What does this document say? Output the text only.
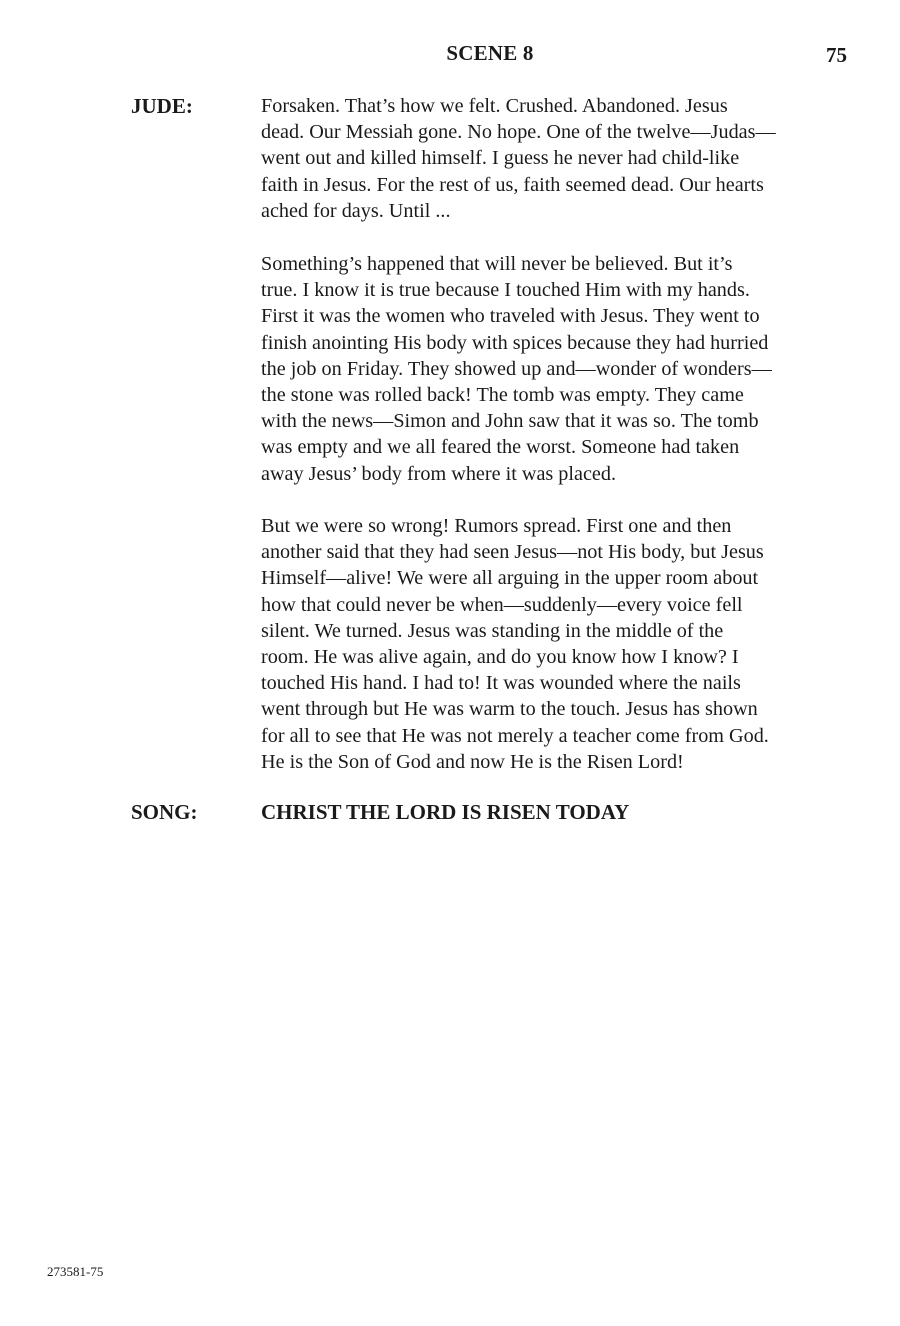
SCENE 8	75
JUDE:	Forsaken. That’s how we felt. Crushed. Abandoned. Jesus
dead. Our Messiah gone. No hope. One of the twelve—Judas—
went out and killed himself. I guess he never had child-like
faith in Jesus. For the rest of us, faith seemed dead. Our hearts
ached for days. Until ...

Something’s happened that will never be believed. But it’s
true. I know it is true because I touched Him with my hands.
First it was the women who traveled with Jesus. They went to
finish anointing His body with spices because they had hurried
the job on Friday. They showed up and—wonder of wonders—
the stone was rolled back! The tomb was empty. They came
with the news—Simon and John saw that it was so. The tomb
was empty and we all feared the worst. Someone had taken
away Jesus’ body from where it was placed.

But we were so wrong! Rumors spread. First one and then
another said that they had seen Jesus—not His body, but Jesus
Himself—alive! We were all arguing in the upper room about
how that could never be when—suddenly—every voice fell
silent. We turned. Jesus was standing in the middle of the
room. He was alive again, and do you know how I know? I
touched His hand. I had to! It was wounded where the nails
went through but He was warm to the touch. Jesus has shown
for all to see that He was not merely a teacher come from God.
He is the Son of God and now He is the Risen Lord!

SONG:	CHRIST THE LORD IS RISEN TODAY
273581-75
